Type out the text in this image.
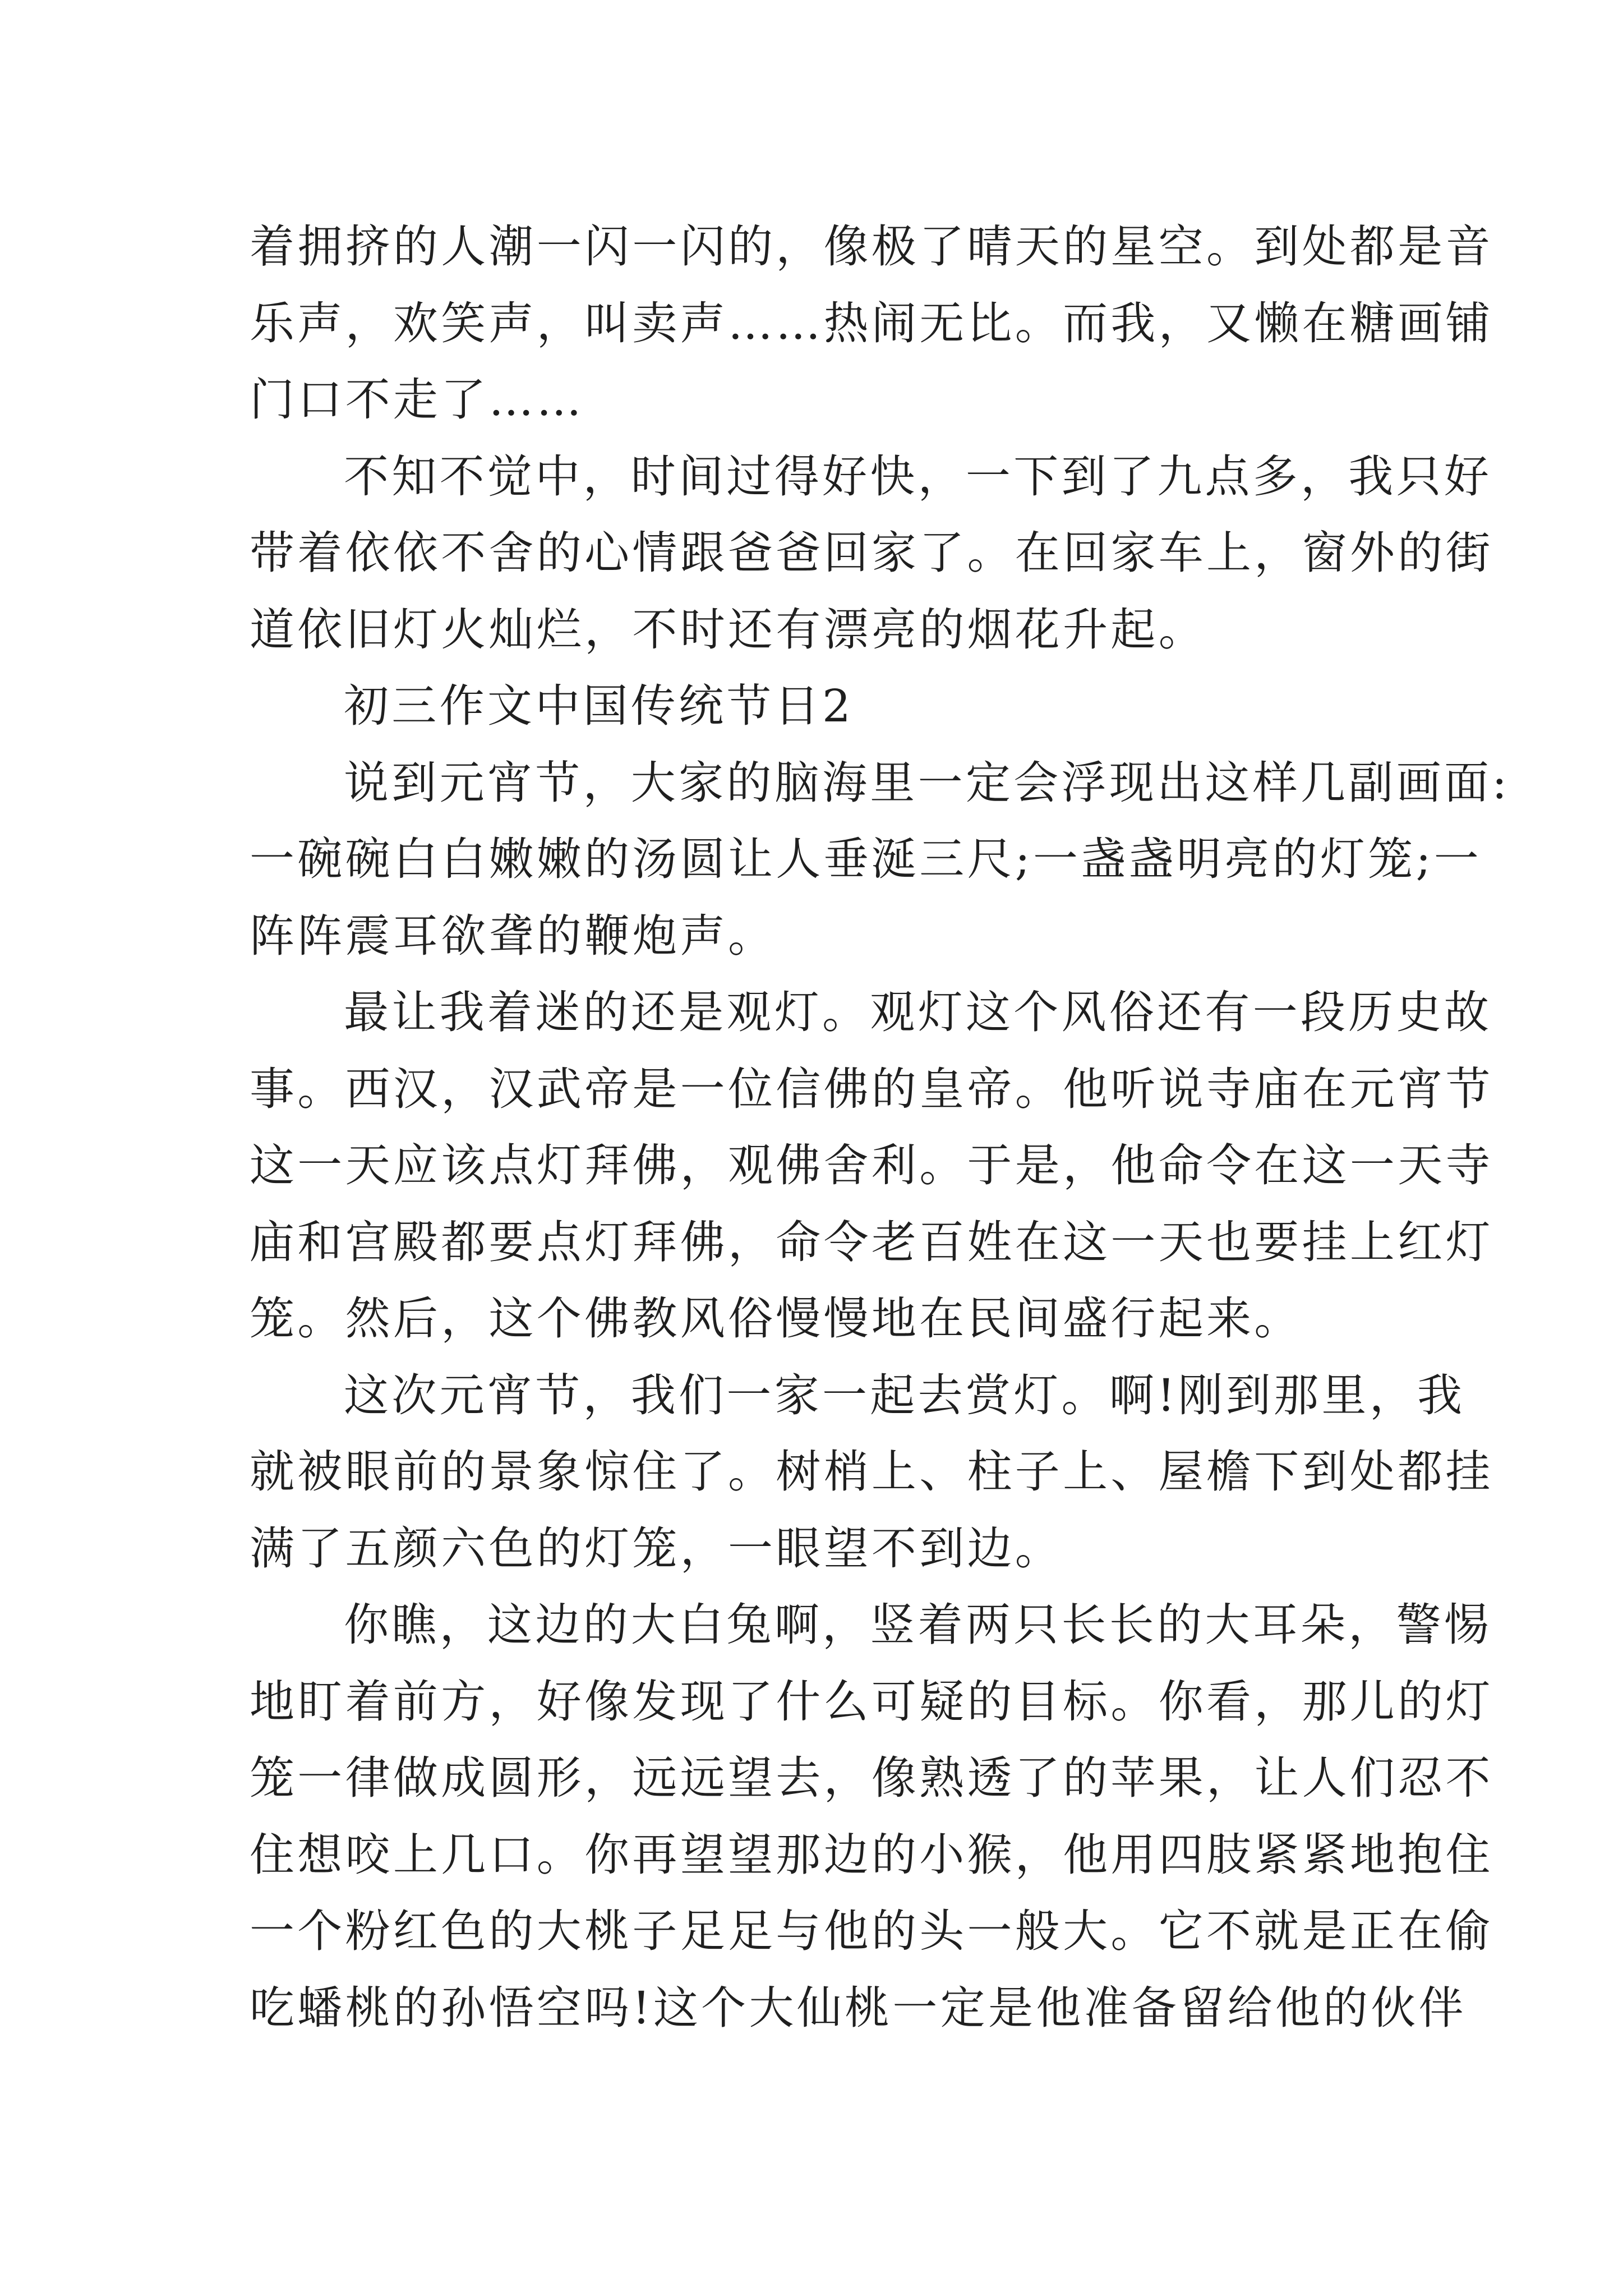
着拥挤的人潮一闪一闪的，像极了晴天的星空。到处都是音
乐声，欢笑声，叫卖声……热闹无比。而我，又懒在糖画铺
门口不走了……
不知不觉中，时间过得好快，一下到了九点多，我只好
带着依依不舍的心情跟爸爸回家了。在回家车上，窗外的街
道依旧灯火灿烂，不时还有漂亮的烟花升起。
初三作文中国传统节日2
说到元宵节，大家的脑海里一定会浮现出这样几副画面:
一碗碗白白嫩嫩的汤圆让人垂涎三尺;一盏盏明亮的灯笼;一
阵阵震耳欲聋的鞭炮声。
最让我着迷的还是观灯。观灯这个风俗还有一段历史故
事。西汉，汉武帝是一位信佛的皇帝。他听说寺庙在元宵节
这一天应该点灯拜佛，观佛舍利。于是，他命令在这一天寺
庙和宫殿都要点灯拜佛，命令老百姓在这一天也要挂上红灯
笼。然后，这个佛教风俗慢慢地在民间盛行起来。
这次元宵节，我们一家一起去赏灯。啊!刚到那里，我
就被眼前的景象惊住了。树梢上、柱子上、屋檐下到处都挂
满了五颜六色的灯笼，一眼望不到边。
你瞧，这边的大白兔啊，竖着两只长长的大耳朵，警惕
地盯着前方，好像发现了什么可疑的目标。你看，那儿的灯
笼一律做成圆形，远远望去，像熟透了的苹果，让人们忍不
住想咬上几口。你再望望那边的小猴，他用四肢紧紧地抱住
一个粉红色的大桃子足足与他的头一般大。它不就是正在偷
吃蟠桃的孙悟空吗!这个大仙桃一定是他准备留给他的伙伴
